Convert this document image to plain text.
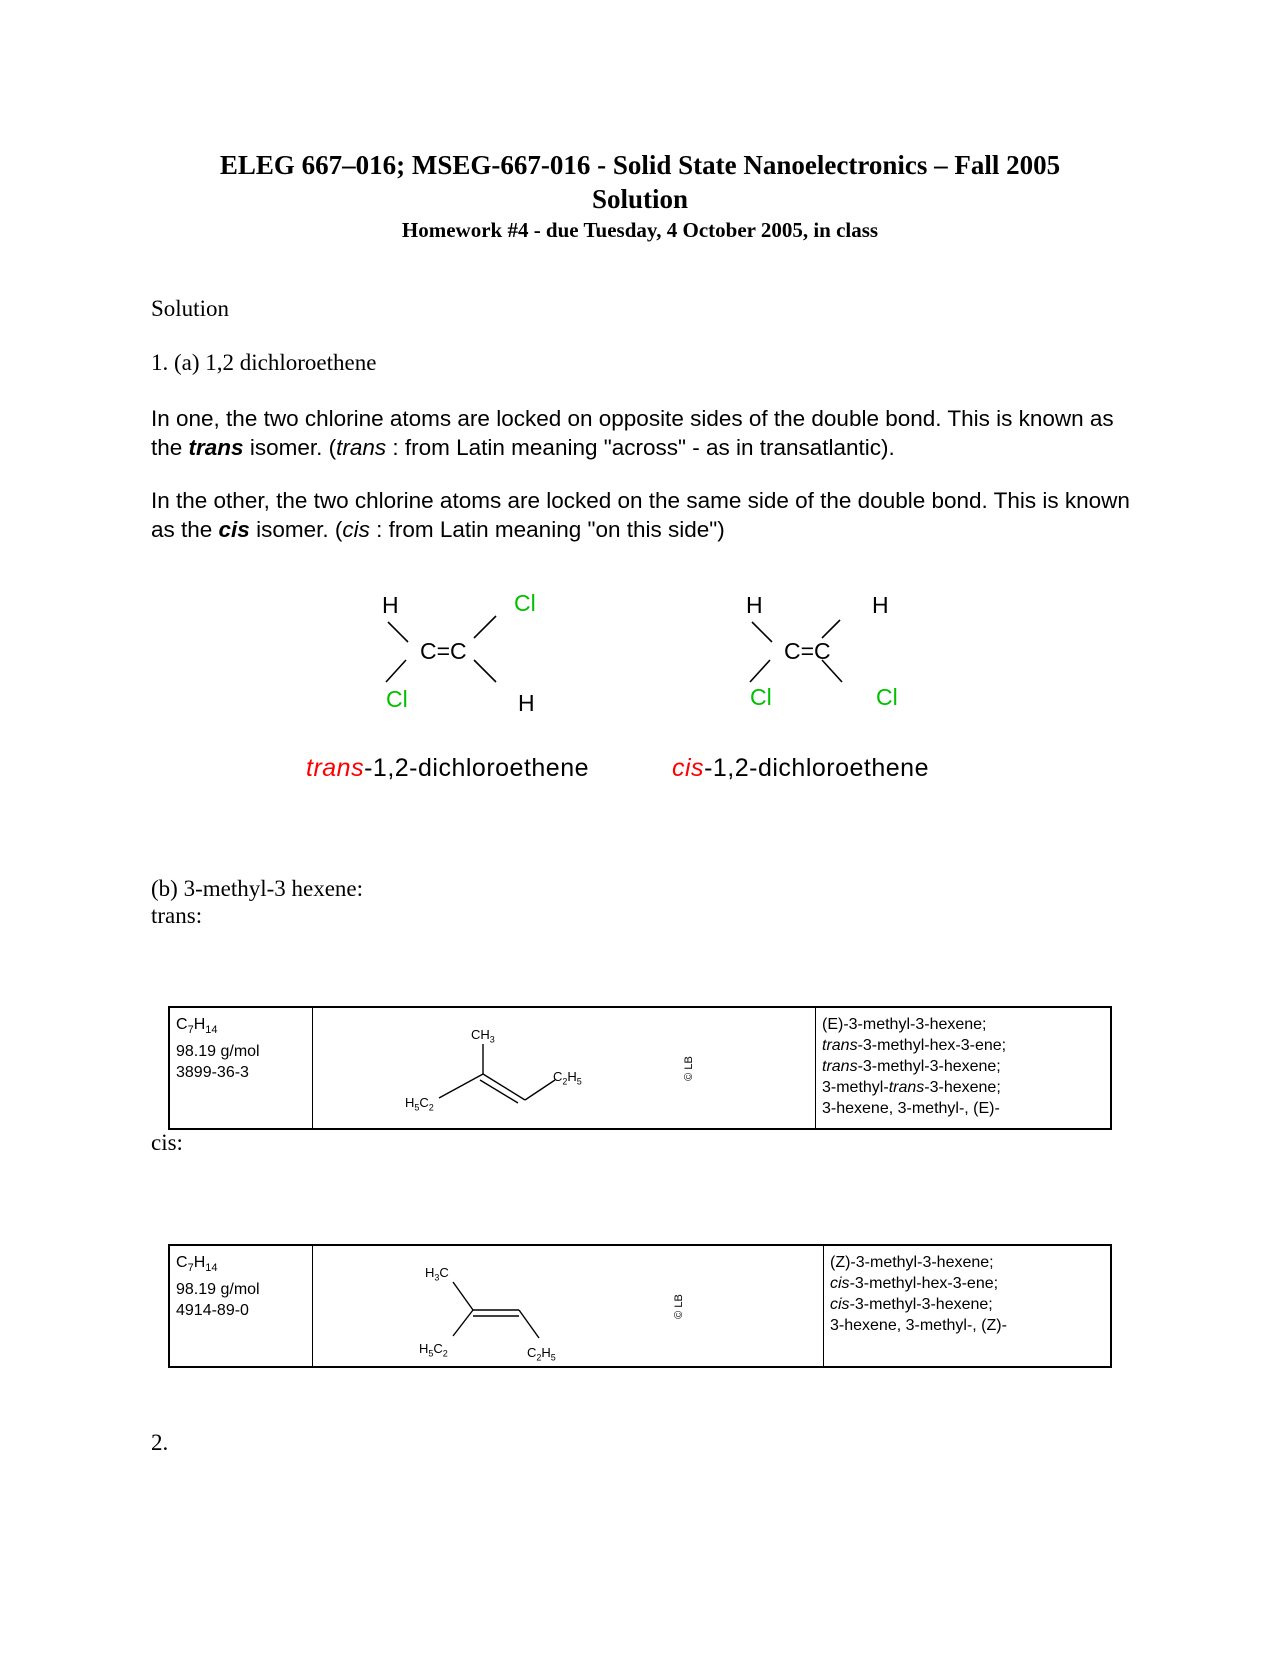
ELEG 667–016; MSEG-667-016 - Solid State Nanoelectronics – Fall 2005
Solution
Homework #4 - due Tuesday, 4 October 2005, in class
Solution
1. (a) 1,2 dichloroethene
In one, the two chlorine atoms are locked on opposite sides of the double bond. This is known as the trans isomer. (trans : from Latin meaning "across" - as in transatlantic).
In the other, the two chlorine atoms are locked on the same side of the double bond. This is known as the cis isomer. (cis : from Latin meaning "on this side")
H	Cl
C=C
Cl	H
H	H
C=C
Cl	Cl
trans-1,2-dichloroethene	cis-1,2-dichloroethene
(b) 3-methyl-3 hexene:
trans:
$C_7H_{14}$
98.19 g/mol
3899-36-3

$CH_3$
$H_5C_2$
$C_2H_5$
© LB

(E)-3-methyl-3-hexene;
trans-3-methyl-hex-3-ene;
trans-3-methyl-3-hexene;
3-methyl-trans-3-hexene;
3-hexene, 3-methyl-, (E)-
cis:
$C_7H_{14}$
98.19 g/mol
4914-89-0

$H_3C$
$H_5C_2$	$C_2H_5$
© LB

(Z)-3-methyl-3-hexene;
cis-3-methyl-hex-3-ene;
cis-3-methyl-3-hexene;
3-hexene, 3-methyl-, (Z)-
2.
